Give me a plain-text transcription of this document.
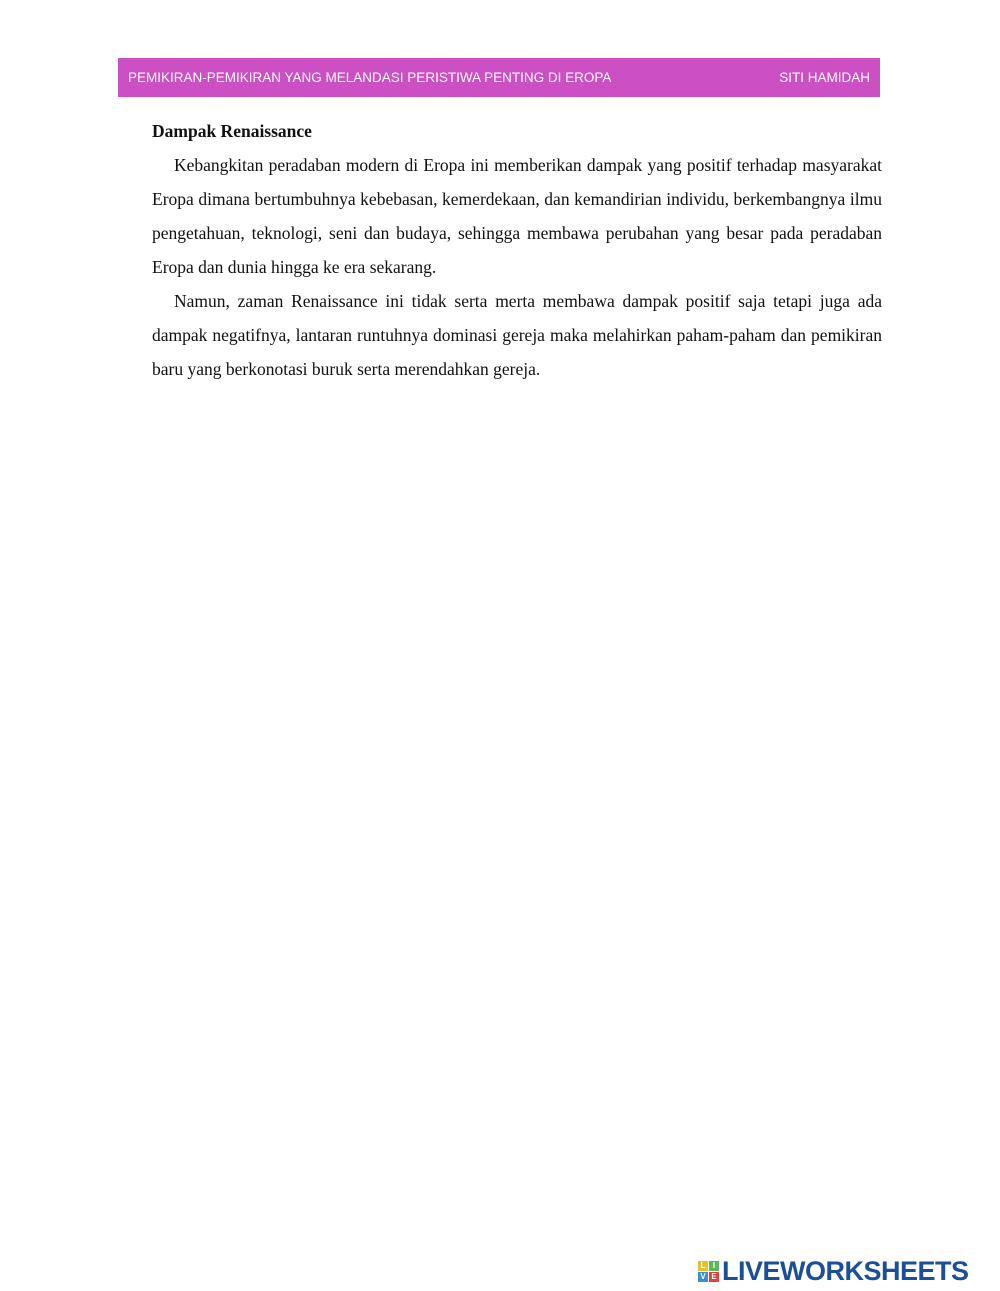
PEMIKIRAN-PEMIKIRAN YANG MELANDASI PERISTIWA PENTING DI EROPA	SITI HAMIDAH
Dampak Renaissance

Kebangkitan peradaban modern di Eropa ini memberikan dampak yang positif terhadap masyarakat Eropa dimana bertumbuhnya kebebasan, kemerdekaan, dan kemandirian individu, berkembangnya ilmu pengetahuan, teknologi, seni dan budaya, sehingga membawa perubahan yang besar pada peradaban Eropa dan dunia hingga ke era sekarang.

Namun, zaman Renaissance ini tidak serta merta membawa dampak positif saja tetapi juga ada dampak negatifnya, lantaran runtuhnya dominasi gereja maka melahirkan paham-paham dan pemikiran baru yang berkonotasi buruk serta merendahkan gereja.

L I
V E LIVEWORKSHEETS
